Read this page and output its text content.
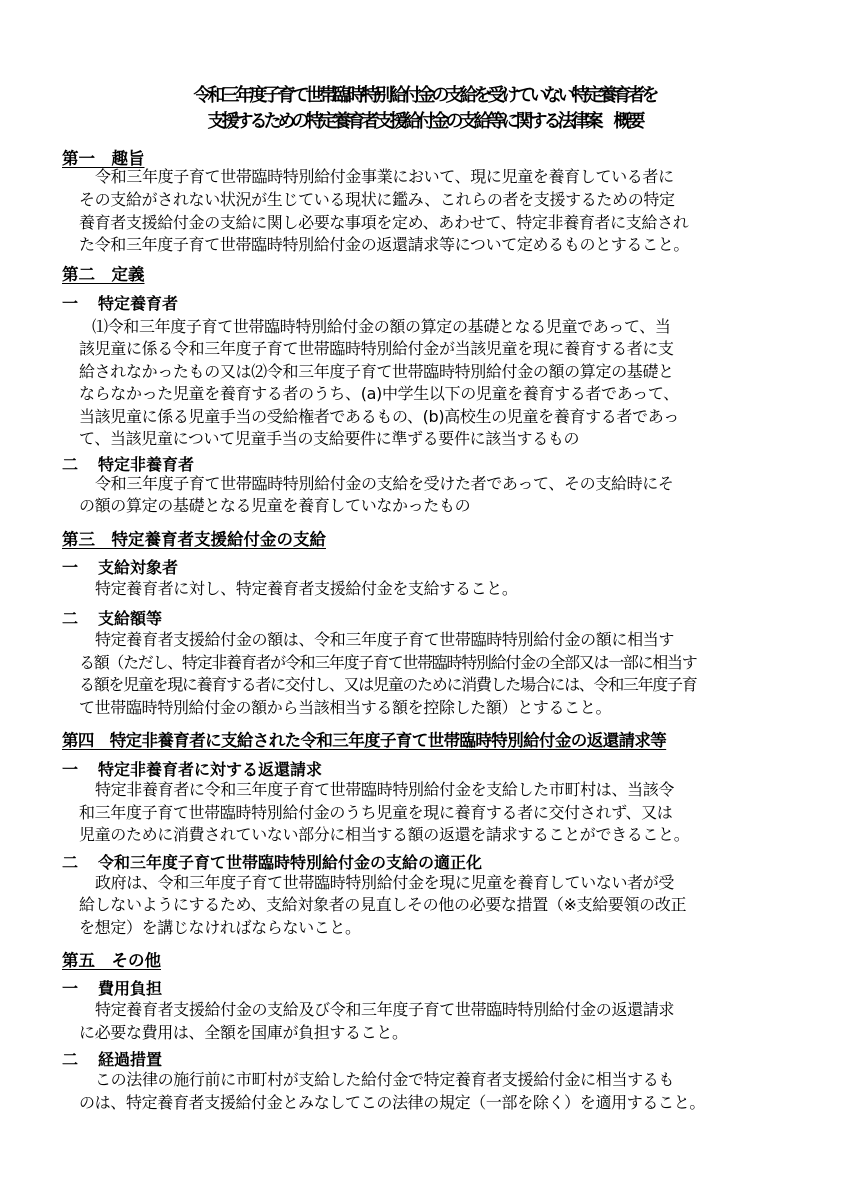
令和三年度子育て世帯臨時特別給付金の支給を受けていない特定養育者を
支援するための特定養育者支援給付金の支給等に関する法律案　概要
第一　趣旨
令和三年度子育て世帯臨時特別給付金事業において、現に児童を養育している者に
その支給がされない状況が生じている現状に鑑み、これらの者を支援するための特定
養育者支援給付金の支給に関し必要な事項を定め、あわせて、特定非養育者に支給され
た令和三年度子育て世帯臨時特別給付金の返還請求等について定めるものとすること。
第二　定義
一 特定養育者
⑴令和三年度子育て世帯臨時特別給付金の額の算定の基礎となる児童であって、当
該児童に係る令和三年度子育て世帯臨時特別給付金が当該児童を現に養育する者に支
給されなかったもの又は⑵令和三年度子育て世帯臨時特別給付金の額の算定の基礎と
ならなかった児童を養育する者のうち、(a)中学生以下の児童を養育する者であって、
当該児童に係る児童手当の受給権者であるもの、(b)高校生の児童を養育する者であっ
て、当該児童について児童手当の支給要件に準ずる要件に該当するもの
二 特定非養育者
令和三年度子育て世帯臨時特別給付金の支給を受けた者であって、その支給時にそ
の額の算定の基礎となる児童を養育していなかったもの
第三　特定養育者支援給付金の支給
一 支給対象者
特定養育者に対し、特定養育者支援給付金を支給すること。
二 支給額等
特定養育者支援給付金の額は、令和三年度子育て世帯臨時特別給付金の額に相当す
る額（ただし、特定非養育者が令和三年度子育て世帯臨時特別給付金の全部又は一部に相当す
る額を児童を現に養育する者に交付し、又は児童のために消費した場合には、令和三年度子育
て世帯臨時特別給付金の額から当該相当する額を控除した額）とすること。
第四　特定非養育者に支給された令和三年度子育て世帯臨時特別給付金の返還請求等
一 特定非養育者に対する返還請求
特定非養育者に令和三年度子育て世帯臨時特別給付金を支給した市町村は、当該令
和三年度子育て世帯臨時特別給付金のうち児童を現に養育する者に交付されず、又は
児童のために消費されていない部分に相当する額の返還を請求することができること。
二 令和三年度子育て世帯臨時特別給付金の支給の適正化
政府は、令和三年度子育て世帯臨時特別給付金を現に児童を養育していない者が受
給しないようにするため、支給対象者の見直しその他の必要な措置（※支給要領の改正
を想定）を講じなければならないこと。
第五　その他
一 費用負担
特定養育者支援給付金の支給及び令和三年度子育て世帯臨時特別給付金の返還請求
に必要な費用は、全額を国庫が負担すること。
二 経過措置
この法律の施行前に市町村が支給した給付金で特定養育者支援給付金に相当するも
のは、特定養育者支援給付金とみなしてこの法律の規定（一部を除く）を適用すること。
